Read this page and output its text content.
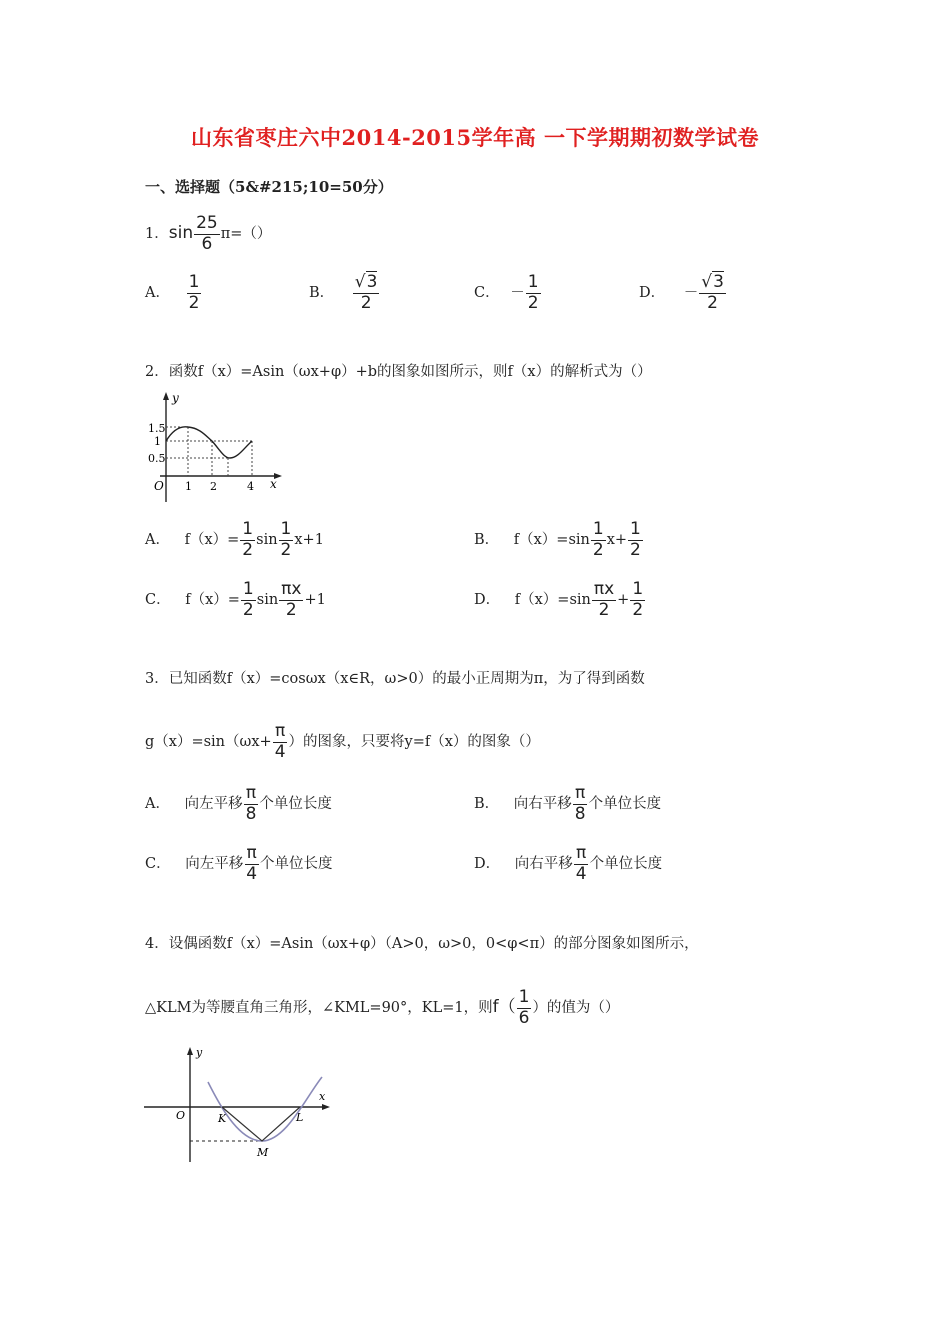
山东省枣庄六中2014-2015学年高 一下学期期初数学试卷
一、选择题（5&#215;10=50分）
1．$\sin \frac{25}{6} \pi=()$
A． $\frac{1}{2}$	B． $\frac{√3}{2}$	C． － $\frac{1}{2}$	D． － $\frac{√3}{2}$
2．函数f（x）=Asin（ωx+φ）+b的图象如图所示，则f（x）的解析式为（）
y
x
O
1.5
1
0.5
1 2	4
A． $f(x)= \frac{1}{2}$ $\sin \frac{1}{2} x+1$	B． $f(x)=\sin \frac{1}{2} x+ \frac{1}{2}$
C． $f(x)= \frac{1}{2}$ $\sin \frac{\pi x}{2} +1$	D． $f(x)=\sin \frac{\pi x}{2} + \frac{1}{2}$
3．已知函数f（x）=cosωx（x∈R，ω>0）的最小正周期为π，为了得到函数
$g(x)=\sin(\omega x+ \frac{\pi}{4}$ ）的图象，只要将y=f（x）的图象（）
A． 向左平移 $\frac{\pi}{8}$ 个单位长度	B． 向右平移 $\frac{\pi}{8}$ 个单位长度
C． 向左平移 $\frac{\pi}{4}$ 个单位长度	D． 向右平移 $\frac{\pi}{4}$ 个单位长度
4．设偶函数f（x）=Asin（ωx+φ）（A>0，ω>0，0<φ<π）的部分图象如图所示，
△KLM为等腰直角三角形，∠KML=90°，KL=1，则$f( \frac{1}{6}$ ）的值为（）
y
x
O	K	L
M
